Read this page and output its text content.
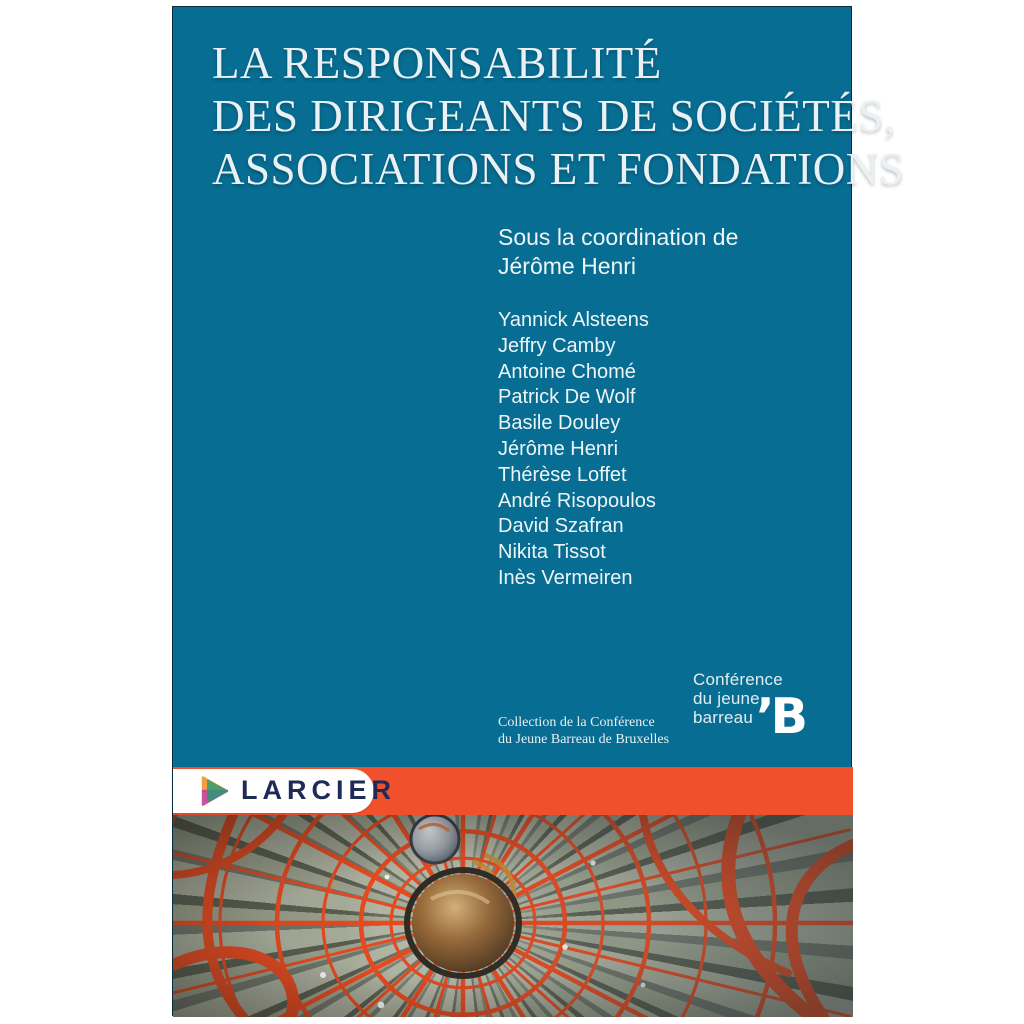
LA RESPONSABILITÉ
DES DIRIGEANTS DE SOCIÉTÉS,
ASSOCIATIONS ET FONDATIONS
Sous la coordination de
Jérôme Henri
Yannick Alsteens
Jeffry Camby
Antoine Chomé
Patrick De Wolf
Basile Douley
Jérôme Henri
Thérèse Loffet
André Risopoulos
David Szafran
Nikita Tissot
Inès Vermeiren
Collection de la Conférence
du Jeune Barreau de Bruxelles
Conférence
du jeune
barreau ’B
LARCIER
